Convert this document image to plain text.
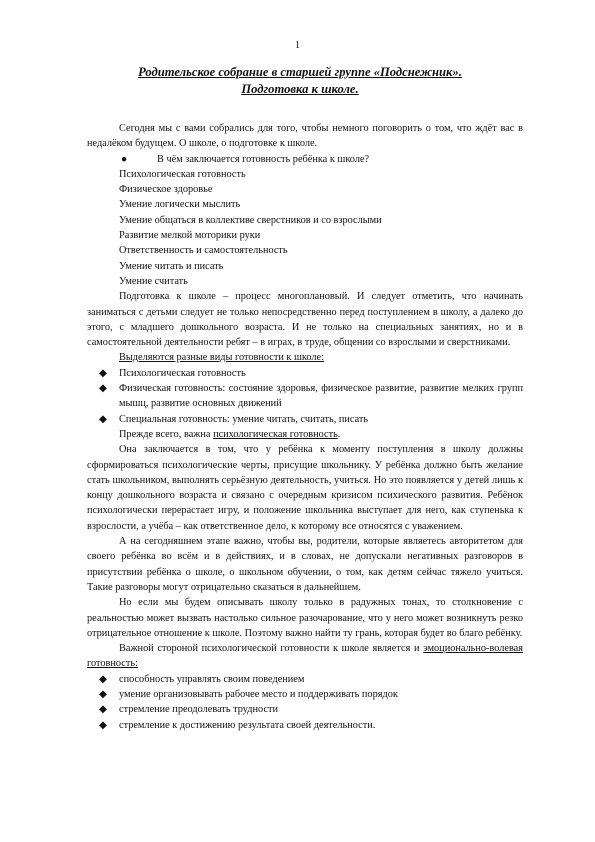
1
Родительское собрание в старшей группе «Подснежник».
Подготовка к школе.

Сегодня мы с вами собрались для того, чтобы немного поговорить о том, что ждёт вас в недалёком будущем. О школе, о подготовке к школе.

●	В чём заключается готовность ребёнка к школе?

Психологическая готовность

Физическое здоровье

Умение логически мыслить

Умение общаться в коллективе сверстников и со взрослыми

Развитие мелкой моторики руки

Ответственность и самостоятельность

Умение читать и писать

Умение считать

Подготовка к школе – процесс многоплановый. И следует отметить, что начинать заниматься с детьми следует не только непосредственно перед поступлением в школу, а далеко до этого, с младшего дошкольного возраста. И не только на специальных занятиях, но и в самостоятельной деятельности ребят – в играх, в труде, общении со взрослыми и сверстниками.

Выделяются разные виды готовности к школе:

◆ Психологическая готовность

◆ Физическая готовность: состояние здоровья, физическое развитие, развитие мелких групп мышц, развитие основных движений

◆ Специальная готовность: умение читать, считать, писать

Прежде всего, важна психологическая готовность.

Она заключается в том, что у ребёнка к моменту поступления в школу должны сформироваться психологические черты, присущие школьнику. У ребёнка должно быть желание стать школьником, выполнять серьёзную деятельность, учиться. Но это появляется у детей лишь к концу дошкольного возраста и связано с очередным кризисом психического развития. Ребёнок психологически перерастает игру, и положение школьника выступает для него, как ступенька к взрослости, а учёба – как ответственное дело, к которому все относятся с уважением.

А на сегодняшнем этапе важно, чтобы вы, родители, которые являетесь авторитетом для своего ребёнка во всём и в действиях, и в словах, не допускали негативных разговоров в присутствии ребёнка о школе, о школьном обучении, о том, как детям сейчас тяжело учиться. Такие разговоры могут отрицательно сказаться в дальнейшем.

Но если мы будем описывать школу только в радужных тонах, то столкновение с реальностью может вызвать настолько сильное разочарование, что у него может возникнуть резко отрицательное отношение к школе. Поэтому важно найти ту грань, которая будет во благо ребёнку.

Важной стороной психологической готовности к школе является и эмоционально-волевая готовность:

◆ способность управлять своим поведением

◆ умение организовывать рабочее место и поддерживать порядок

◆ стремление преодолевать трудности

◆ стремление к достижению результата своей деятельности.
